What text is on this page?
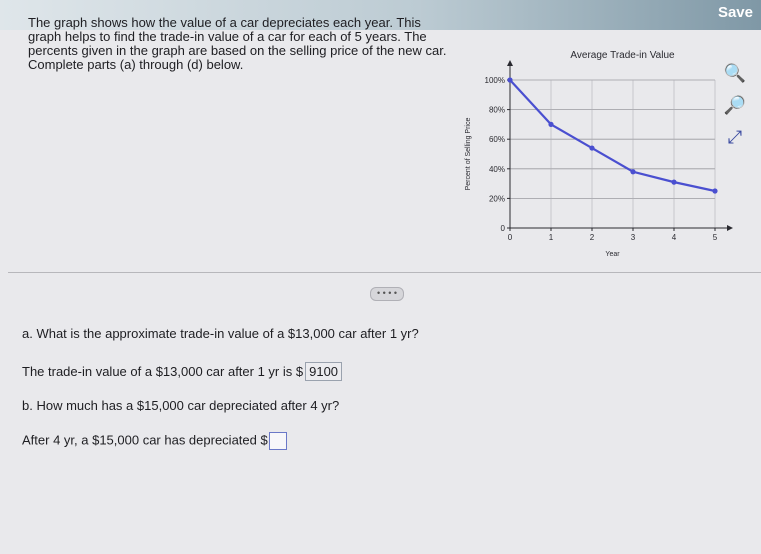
Save
The graph shows how the value of a car depreciates each year. This graph helps to find the trade-in value of a car for each of 5 years. The percents given in the graph are based on the selling price of the new car. Complete parts (a) through (d) below.
Average Trade-in Value
0
20%
40%
60%
80%
100%
0	1	2	3	4	5
Year
Percent of Selling Price
🔍
🔎
⤢
• • • •
a. What is the approximate trade-in value of a $13,000 car after 1 yr?
The trade-in value of a $13,000 car after 1 yr is $ 9100
b. How much has a $15,000 car depreciated after 4 yr?
After 4 yr, a $15,000 car has depreciated $
